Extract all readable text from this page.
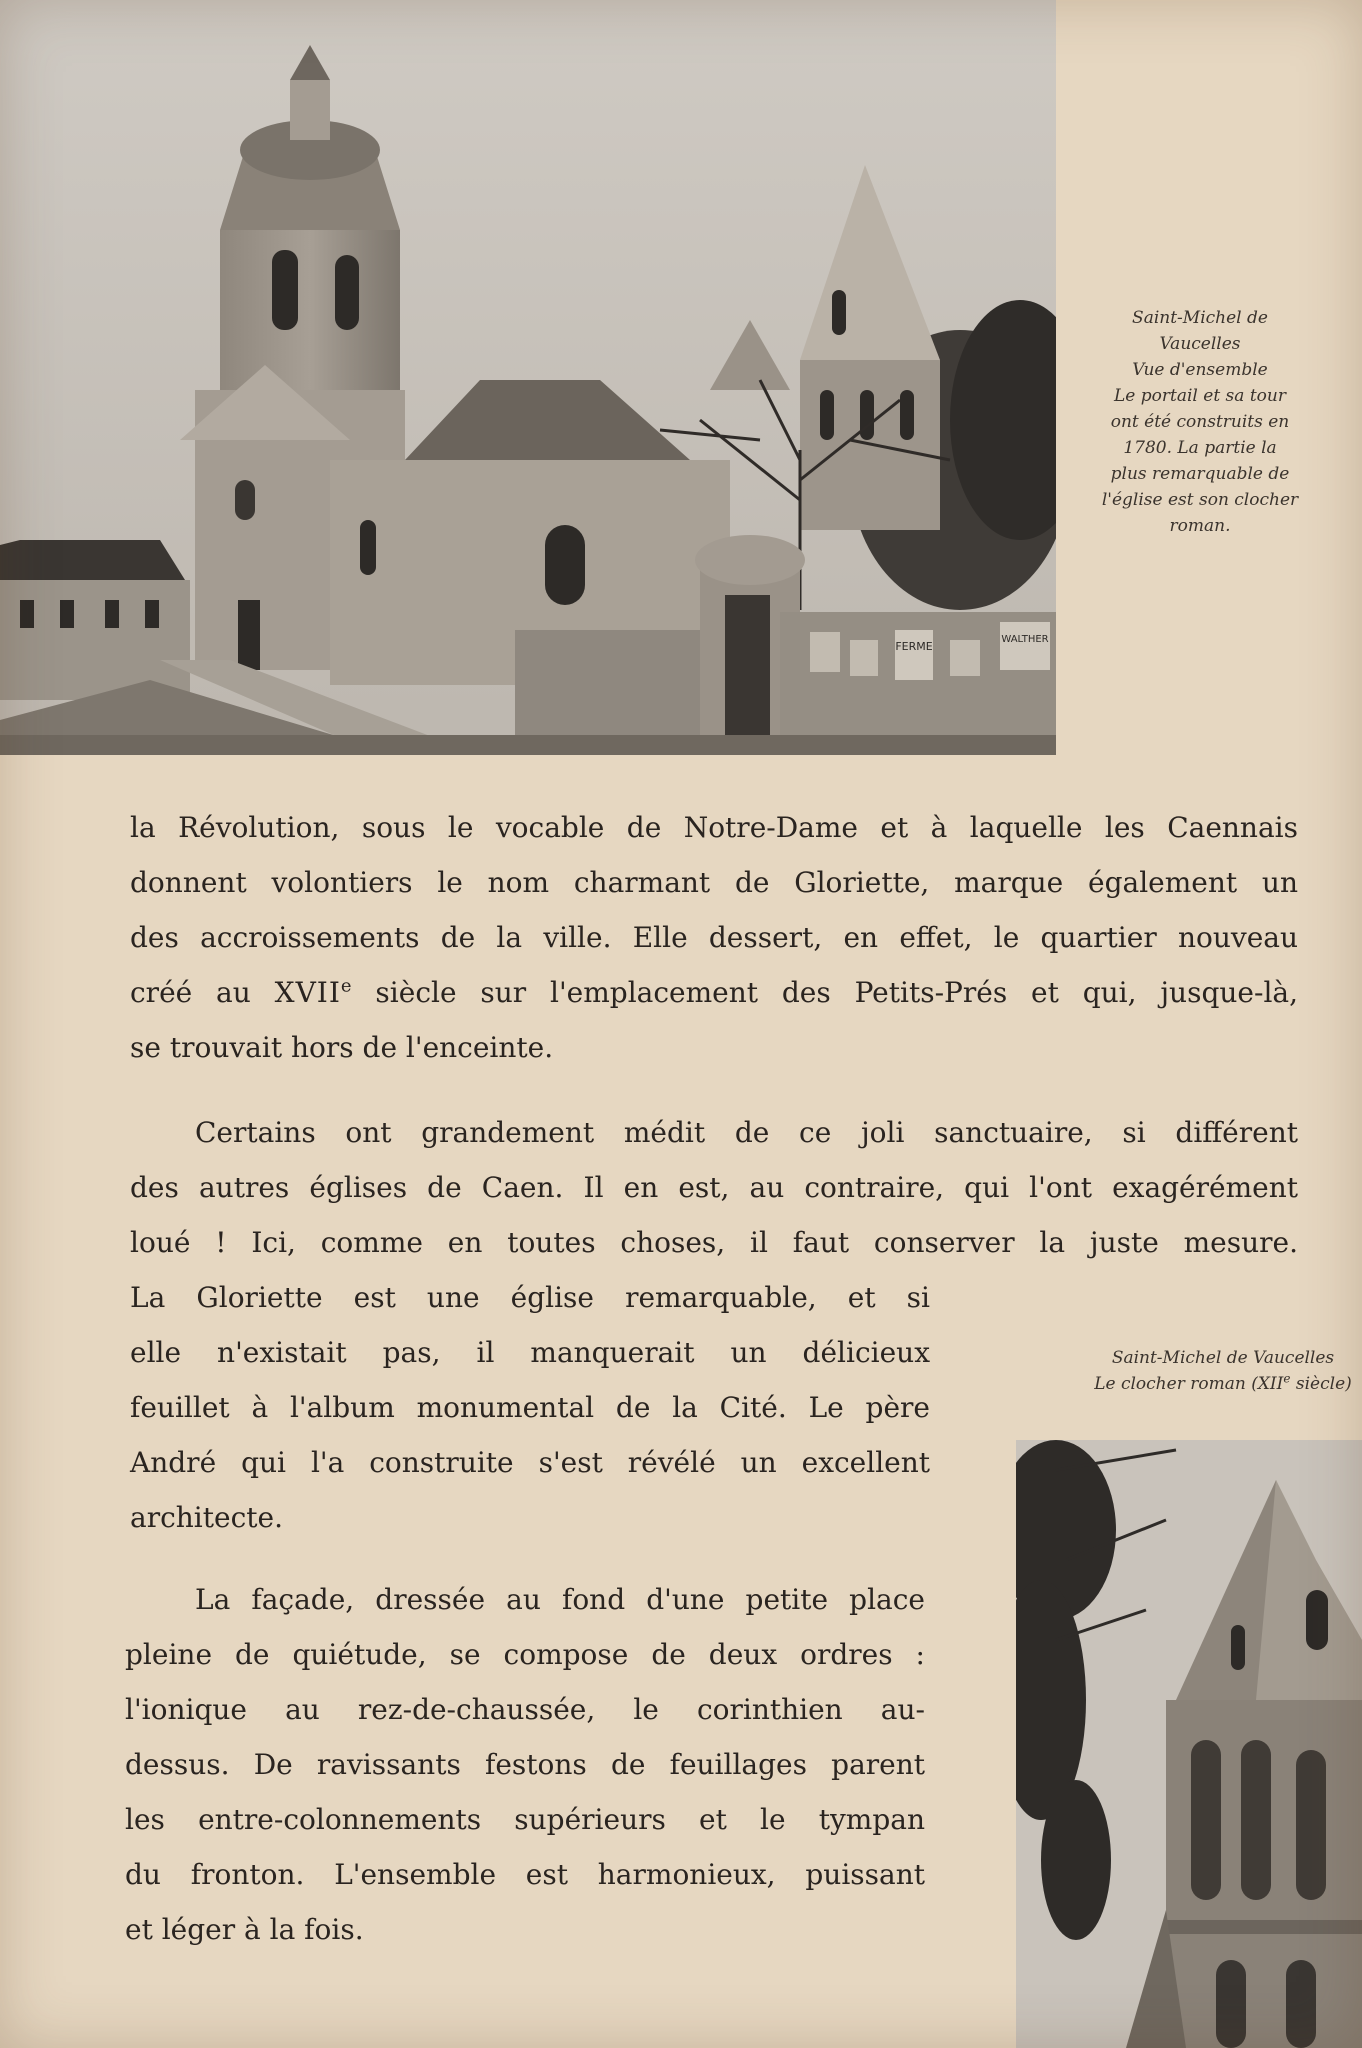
FERME
WALTHER
Saint-Michel de
Vaucelles
Vue d'ensemble
Le portail et sa tour
ont été construits en
1780. La partie la
plus remarquable de
l'église est son clocher
roman.
la Révolution, sous le vocable de Notre-Dame et à laquelle les Caennais
donnent volontiers le nom charmant de Gloriette, marque également un
des accroissements de la ville. Elle dessert, en effet, le quartier nouveau
créé au XVIIe siècle sur l'emplacement des Petits-Prés et qui, jusque-là,
se trouvait hors de l'enceinte.
Certains ont grandement médit de ce joli sanctuaire, si différent
des autres églises de Caen. Il en est, au contraire, qui l'ont exagérément
loué ! Ici, comme en toutes choses, il faut conserver la juste mesure.
La Gloriette est une église remarquable, et si
elle n'existait pas, il manquerait un délicieux
feuillet à l'album monumental de la Cité. Le père
André qui l'a construite s'est révélé un excellent
architecte.
Saint-Michel de Vaucelles
Le clocher roman (XIIe siècle)
La façade, dressée au fond d'une petite place
pleine de quiétude, se compose de deux ordres :
l'ionique au rez-de-chaussée, le corinthien au-
dessus. De ravissants festons de feuillages parent
les entre-colonnements supérieurs et le tympan
du fronton. L'ensemble est harmonieux, puissant
et léger à la fois.
